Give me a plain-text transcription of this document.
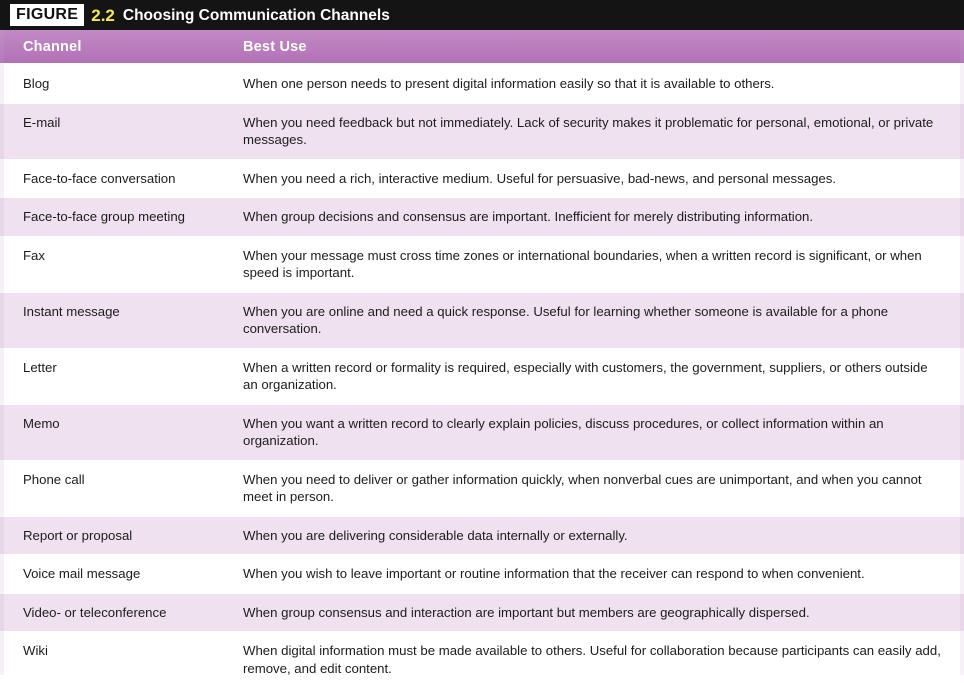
FIGURE 2.2 Choosing Communication Channels
Channel	Best Use
Blog	When one person needs to present digital information easily so that it is available to others.
E-mail	When you need feedback but not immediately. Lack of security makes it problematic for personal, emotional, or private messages.
Face-to-face conversation	When you need a rich, interactive medium. Useful for persuasive, bad-news, and personal messages.
Face-to-face group meeting	When group decisions and consensus are important. Inefficient for merely distributing information.
Fax	When your message must cross time zones or international boundaries, when a written record is significant, or when speed is important.
Instant message	When you are online and need a quick response. Useful for learning whether someone is available for a phone conversation.
Letter	When a written record or formality is required, especially with customers, the government, suppliers, or others outside an organization.
Memo	When you want a written record to clearly explain policies, discuss procedures, or collect information within an organization.
Phone call	When you need to deliver or gather information quickly, when nonverbal cues are unimportant, and when you cannot meet in person.
Report or proposal	When you are delivering considerable data internally or externally.
Voice mail message	When you wish to leave important or routine information that the receiver can respond to when convenient.
Video- or teleconference	When group consensus and interaction are important but members are geographically dispersed.
Wiki	When digital information must be made available to others. Useful for collaboration because participants can easily add, remove, and edit content.
